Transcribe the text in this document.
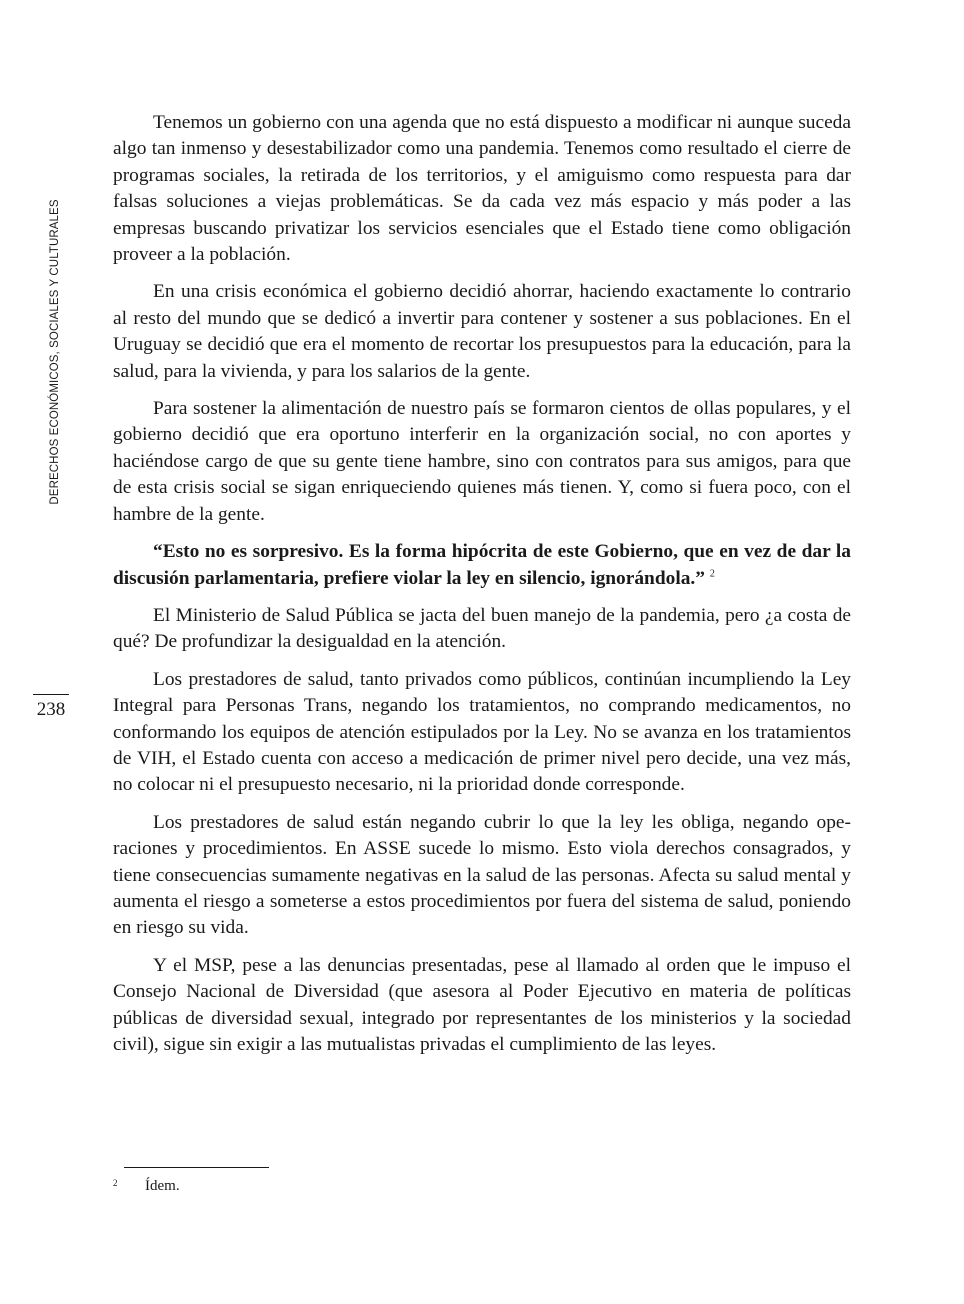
DERECHOS ECONÓMICOS, SOCIALES Y CULTURALES
238

Tenemos un gobierno con una agenda que no está dispuesto a modificar ni aunque suceda algo tan inmenso y desestabilizador como una pandemia. Tenemos como resultado el cierre de programas sociales, la retirada de los territorios, y el amiguismo como respuesta para dar falsas soluciones a viejas problemáticas. Se da cada vez más espacio y más poder a las empresas buscando privatizar los servicios esenciales que el Estado tiene como obligación proveer a la población.

En una crisis económica el gobierno decidió ahorrar, haciendo exactamente lo contrario al resto del mundo que se dedicó a invertir para contener y sostener a sus poblaciones. En el Uruguay se decidió que era el momento de recortar los presupuestos para la educación, para la salud, para la vivienda, y para los salarios de la gente.

Para sostener la alimentación de nuestro país se formaron cientos de ollas populares, y el gobierno decidió que era oportuno interferir en la organización social, no con aportes y haciéndose cargo de que su gente tiene hambre, sino con contratos para sus amigos, para que de esta crisis social se sigan enriqueciendo quienes más tienen. Y, como si fuera poco, con el hambre de la gente.

“Esto no es sorpresivo. Es la forma hipócrita de este Gobierno, que en vez de dar la discusión parlamentaria, prefiere violar la ley en silencio, ignorándola.” $^2$

El Ministerio de Salud Pública se jacta del buen manejo de la pandemia, pero ¿a costa de qué? De profundizar la desigualdad en la atención.

Los prestadores de salud, tanto privados como públicos, continúan incumpliendo la Ley Integral para Personas Trans, negando los tratamientos, no comprando medicamentos, no conformando los equipos de atención estipulados por la Ley. No se avanza en los tratamientos de VIH, el Estado cuenta con acceso a medicación de primer nivel pero decide, una vez más, no colocar ni el presupuesto necesario, ni la prioridad donde corresponde.

Los prestadores de salud están negando cubrir lo que la ley les obliga, negando operaciones y procedimientos. En ASSE sucede lo mismo. Esto viola derechos consagrados, y tiene consecuencias sumamente negativas en la salud de las personas. Afecta su salud mental y aumenta el riesgo a someterse a estos procedimientos por fuera del sistema de salud, poniendo en riesgo su vida.

Y el MSP, pese a las denuncias presentadas, pese al llamado al orden que le impuso el Consejo Nacional de Diversidad (que asesora al Poder Ejecutivo en materia de políticas públicas de diversidad sexual, integrado por representantes de los ministerios y la sociedad civil), sigue sin exigir a las mutualistas privadas el cumplimiento de las leyes.

2 Ídem.
